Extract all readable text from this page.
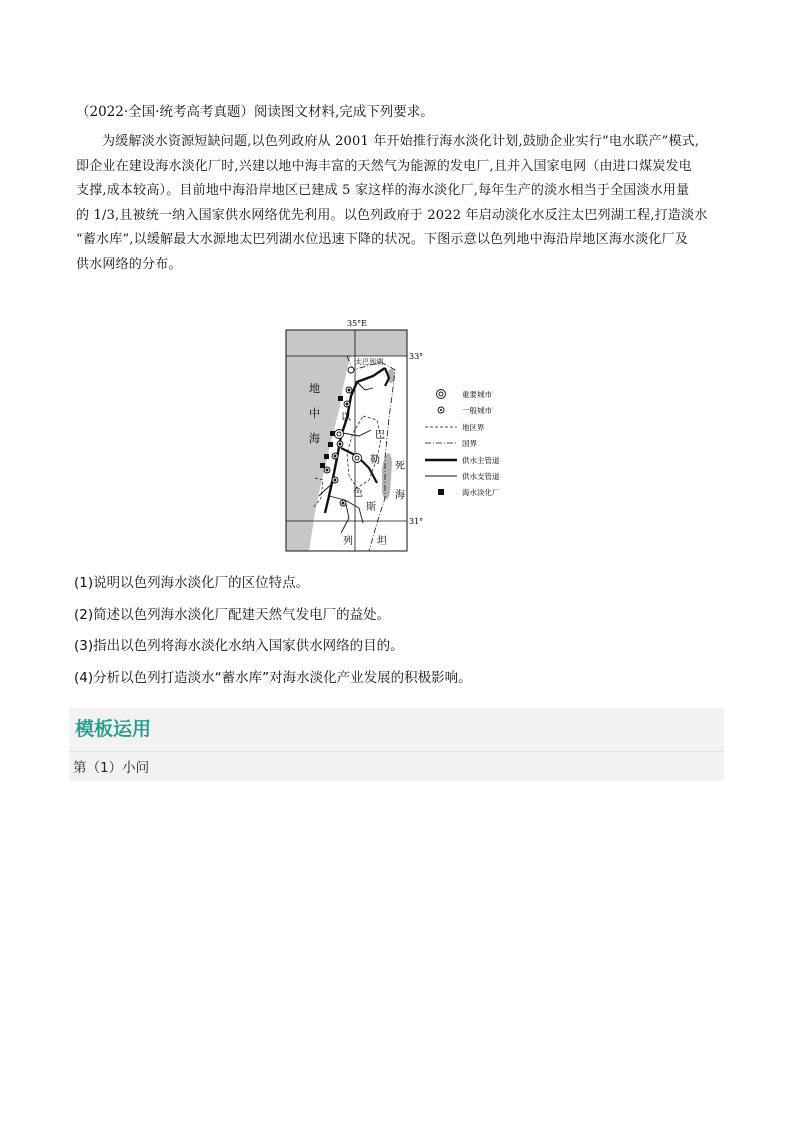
（2022·全国·统考高考真题）阅读图文材料,完成下列要求。
为缓解淡水资源短缺问题,以色列政府从 2001 年开始推行海水淡化计划,鼓励企业实行“电水联产”模式,
即企业在建设海水淡化厂时,兴建以地中海丰富的天然气为能源的发电厂,且并入国家电网（由进口煤炭发电
支撑,成本较高）。目前地中海沿岸地区已建成 5 家这样的海水淡化厂,每年生产的淡水相当于全国淡水用量
的 1/3,且被统一纳入国家供水网络优先利用。以色列政府于 2022 年启动淡化水反注太巴列湖工程,打造淡水
“蓄水库”,以缓解最大水源地太巴列湖水位迅速下降的状况。下图示意以色列地中海沿岸地区海水淡化厂及
供水网络的分布。
35°E
33°
31°
太巴列湖
地
中
海
以
色
列
巴
勒
斯
坦
死
海
重要城市
一般城市
地区界
国界
供水主管道
供水支管道
海水淡化厂
(1)说明以色列海水淡化厂的区位特点。
(2)简述以色列海水淡化厂配建天然气发电厂的益处。
(3)指出以色列将海水淡化水纳入国家供水网络的目的。
(4)分析以色列打造淡水“蓄水库”对海水淡化产业发展的积极影响。
模板运用
第（1）小问
